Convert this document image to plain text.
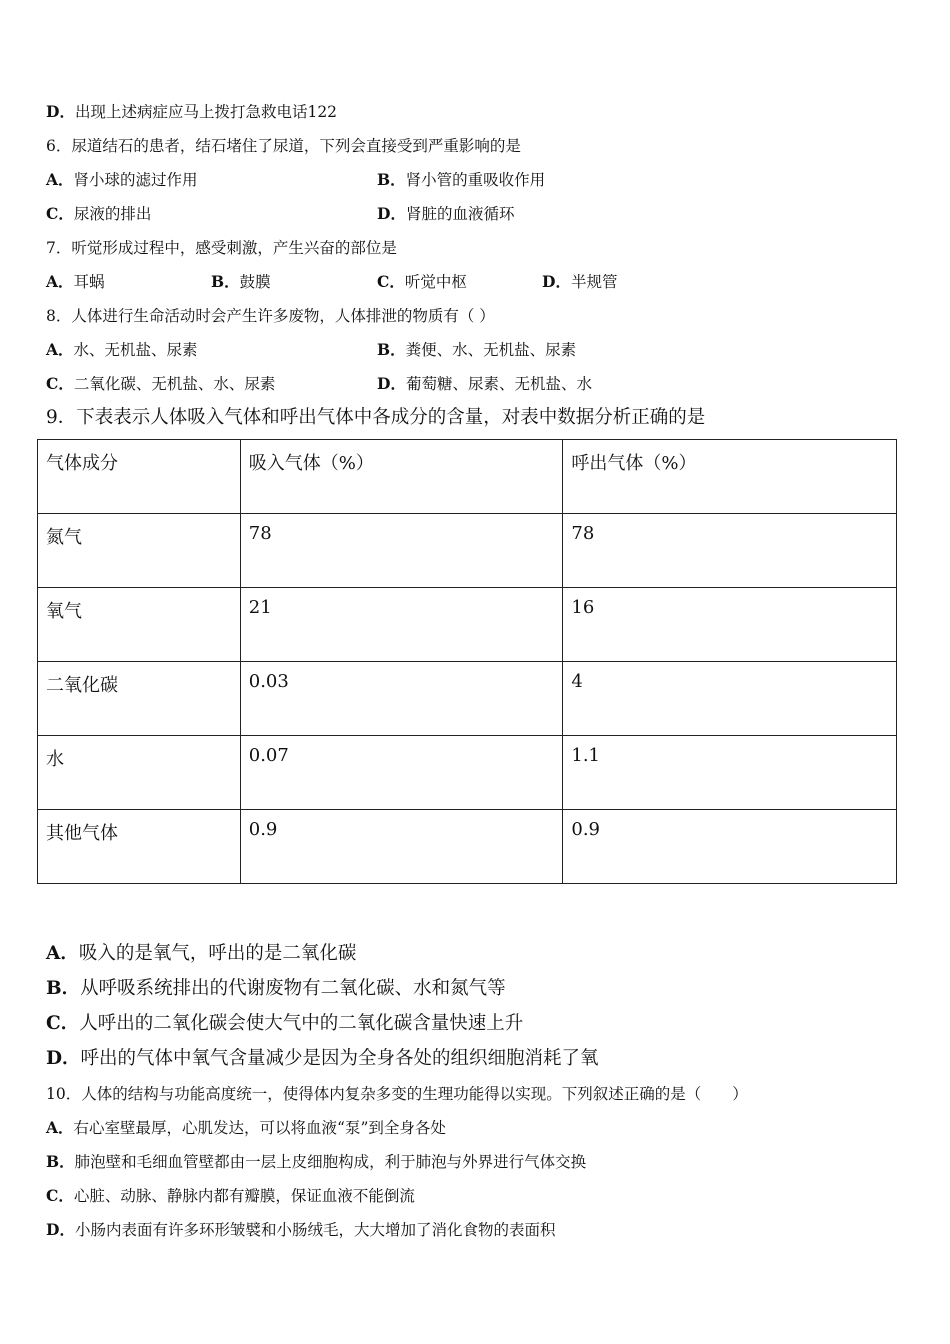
D．出现上述病症应马上拨打急救电话122
6．尿道结石的患者，结石堵住了尿道，下列会直接受到严重影响的是
A．肾小球的滤过作用	B．肾小管的重吸收作用
C．尿液的排出	D．肾脏的血液循环
7．听觉形成过程中，感受刺激，产生兴奋的部位是
A．耳蜗	B．鼓膜	C．听觉中枢	D．半规管
8．人体进行生命活动时会产生许多废物，人体排泄的物质有（ ）
A．水、无机盐、尿素	B．粪便、水、无机盐、尿素
C．二氧化碳、无机盐、水、尿素	D．葡萄糖、尿素、无机盐、水
9．下表表示人体吸入气体和呼出气体中各成分的含量，对表中数据分析正确的是
气体成分	吸入气体（%）	呼出气体（%）
氮气	78	78
氧气	21	16
二氧化碳	0.03	4
水	0.07	1.1
其他气体	0.9	0.9
A．吸入的是氧气，呼出的是二氧化碳
B．从呼吸系统排出的代谢废物有二氧化碳、水和氮气等
C．人呼出的二氧化碳会使大气中的二氧化碳含量快速上升
D．呼出的气体中氧气含量减少是因为全身各处的组织细胞消耗了氧
10．人体的结构与功能高度统一，使得体内复杂多变的生理功能得以实现。下列叙述正确的是（　　）
A．右心室壁最厚，心肌发达，可以将血液“泵”到全身各处
B．肺泡壁和毛细血管壁都由一层上皮细胞构成，利于肺泡与外界进行气体交换
C．心脏、动脉、静脉内都有瓣膜，保证血液不能倒流
D．小肠内表面有许多环形皱襞和小肠绒毛，大大增加了消化食物的表面积
